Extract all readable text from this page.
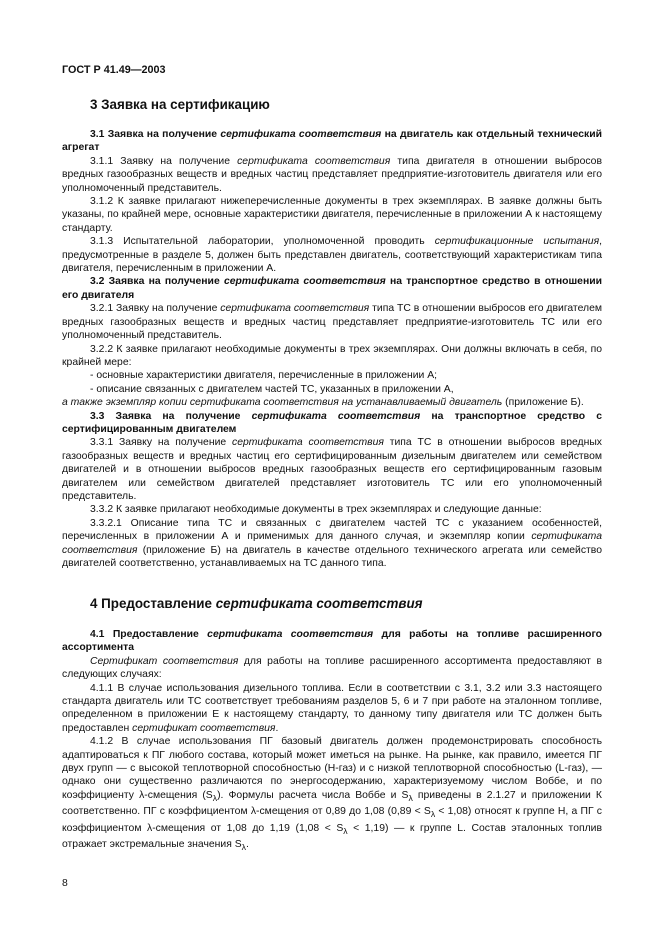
ГОСТ Р 41.49—2003
3 Заявка на сертификацию

3.1 Заявка на получение сертификата соответствия на двигатель как отдельный технический агрегат

3.1.1 Заявку на получение сертификата соответствия типа двигателя в отношении выбросов вредных газообразных веществ и вредных частиц представляет предприятие-изготовитель двигателя или его уполномоченный представитель.

3.1.2 К заявке прилагают нижеперечисленные документы в трех экземплярах. В заявке должны быть указаны, по крайней мере, основные характеристики двигателя, перечисленные в приложении А к настоящему стандарту.

3.1.3 Испытательной лаборатории, уполномоченной проводить сертификационные испытания, предусмотренные в разделе 5, должен быть представлен двигатель, соответствующий характеристикам типа двигателя, перечисленным в приложении А.

3.2 Заявка на получение сертификата соответствия на транспортное средство в отношении его двигателя

3.2.1 Заявку на получение сертификата соответствия типа ТС в отношении выбросов его двигателем вредных газообразных веществ и вредных частиц представляет предприятие-изготовитель ТС или его уполномоченный представитель.

3.2.2 К заявке прилагают необходимые документы в трех экземплярах. Они должны включать в себя, по крайней мере:

- основные характеристики двигателя, перечисленные в приложении А;

- описание связанных с двигателем частей ТС, указанных в приложении А,

а также экземпляр копии сертификата соответствия на устанавливаемый двигатель (приложение Б).

3.3 Заявка на получение сертификата соответствия на транспортное средство с сертифицированным двигателем

3.3.1 Заявку на получение сертификата соответствия типа ТС в отношении выбросов вредных газообразных веществ и вредных частиц его сертифицированным дизельным двигателем или семейством двигателей и в отношении выбросов вредных газообразных веществ его сертифицированным газовым двигателем или семейством двигателей представляет изготовитель ТС или его уполномоченный представитель.

3.3.2 К заявке прилагают необходимые документы в трех экземплярах и следующие данные:

3.3.2.1 Описание типа ТС и связанных с двигателем частей ТС с указанием особенностей, перечисленных в приложении А и применимых для данного случая, и экземпляр копии сертификата соответствия (приложение Б) на двигатель в качестве отдельного технического агрегата или семейство двигателей соответственно, устанавливаемых на ТС данного типа.

4 Предоставление сертификата соответствия

4.1 Предоставление сертификата соответствия для работы на топливе расширенного ассортимента

Сертификат соответствия для работы на топливе расширенного ассортимента предоставляют в следующих случаях:

4.1.1 В случае использования дизельного топлива. Если в соответствии с 3.1, 3.2 или 3.3 настоящего стандарта двигатель или ТС соответствует требованиям разделов 5, 6 и 7 при работе на эталонном топливе, определенном в приложении Е к настоящему стандарту, то данному типу двигателя или ТС должен быть предоставлен сертификат соответствия.

4.1.2 В случае использования ПГ базовый двигатель должен продемонстрировать способность адаптироваться к ПГ любого состава, который может иметься на рынке. На рынке, как правило, имеется ПГ двух групп — с высокой теплотворной способностью (Н-газ) и с низкой теплотворной способностью (L-газ), — однако они существенно различаются по энергосодержанию, характеризуемому числом Воббе, и по коэффициенту λ-смещения $(S_\lambda)$. Формулы расчета числа Воббе и $S_\lambda$ приведены в 2.1.27 и приложении К соответственно. ПГ с коэффициентом λ-смещения от 0,89 до 1,08 $(0,89 < S_\lambda < 1,08)$ относят к группе Н, а ПГ с коэффициентом λ-смещения от 1,08 до 1,19 $(1,08 < S_\lambda < 1,19)$ — к группе L. Состав эталонных топлив отражает экстремальные значения $S_\lambda$.

8
